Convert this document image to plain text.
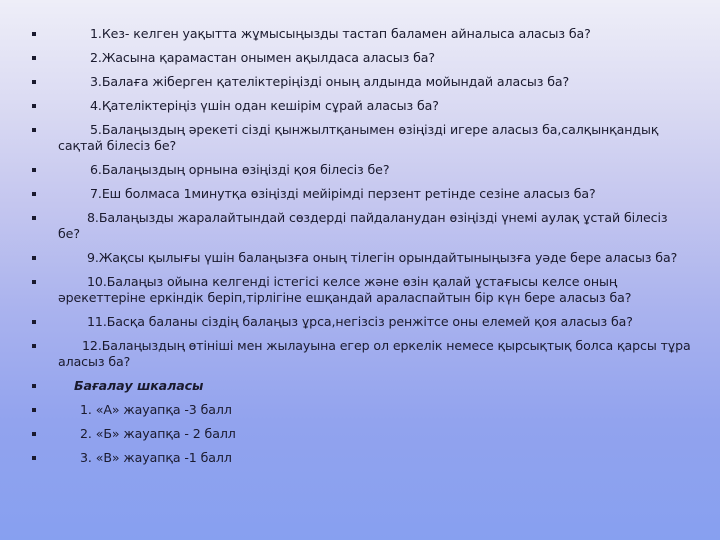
1.Кез- келген уақытта жұмысыңызды тастап баламен айналыса аласыз ба?
2.Жасына қарамастан онымен ақылдаса аласыз ба?
3.Балаға жіберген қателіктеріңізді оның алдында мойындай аласыз ба?
4.Қателіктеріңіз үшін одан кешірім сұрай аласыз ба?
5.Балаңыздың әрекеті сізді қынжылтқанымен өзіңізді игере аласыз ба,салқынқандық сақтай білесіз бе?
6.Балаңыздың орнына өзіңізді қоя білесіз бе?
7.Еш болмаса 1минутқа өзіңізді мейірімді перзент ретінде сезіне аласыз ба?
8.Балаңызды жаралайтындай сөздерді пайдаланудан өзіңізді үнемі аулақ ұстай білесіз бе?
9.Жақсы қылығы үшін балаңызға оның тілегін орындайтыныңызға уәде бере аласыз ба?
10.Балаңыз ойына келгенді істегісі келсе және өзін қалай ұстағысы келсе оның әрекеттеріне еркіндік беріп,тірлігіне ешқандай араласпайтын бір күн бере аласыз ба?
11.Басқа баланы сіздің балаңыз ұрса,негізсіз ренжітсе оны елемей қоя аласыз ба?
12.Балаңыздың өтініші мен жылауына егер ол еркелік немесе қырсықтық болса қарсы тұра аласыз ба?
Бағалау шкаласы
1. «А» жауапқа -3 балл
2. «Б» жауапқа - 2 балл
3. «В» жауапқа -1 балл
